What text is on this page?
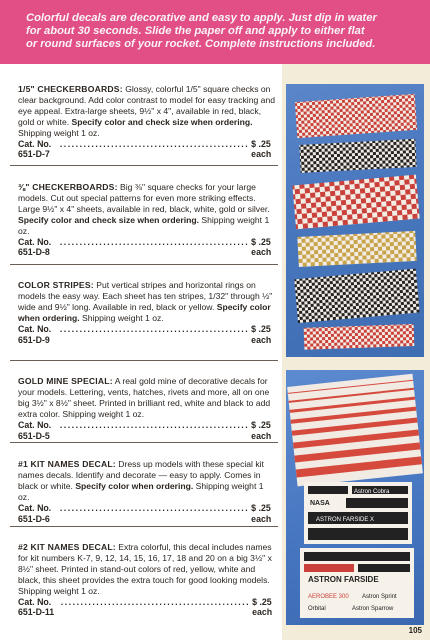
Colorful decals are decorative and easy to apply. Just dip in water
for about 30 seconds. Slide the paper off and apply to either flat
or round surfaces of your rocket. Complete instructions included.
1/5" CHECKERBOARDS: Glossy, colorful 1/5" square checks on clear background. Add color contrast to model for easy tracking and eye appeal. Extra-large sheets, 9½" x 4", available in red, black, gold or white. Specify color and check size when ordering. Shipping weight 1 oz.
Cat. No. 651-D-7
................................................ $ .25 each
⅜" CHECKERBOARDS: Big ⅜" square checks for your large models. Cut out special patterns for even more striking effects. Large 9½" x 4" sheets, available in red, black, white, gold or silver. Specify color and check size when ordering. Shipping weight 1 oz.
Cat. No. 651-D-8
................................................ $ .25 each
COLOR STRIPES: Put vertical stripes and horizontal rings on models the easy way. Each sheet has ten stripes, 1/32" through ½" wide and 9½" long. Available in red, black or yellow. Specify color when ordering. Shipping weight 1 oz.
Cat. No. 651-D-9
................................................ $ .25 each
GOLD MINE SPECIAL: A real gold mine of decorative decals for your models. Lettering, vents, hatches, rivets and more, all on one big 3½" x 8½" sheet. Printed in brilliant red, white and black to add extra color. Shipping weight 1 oz.
Cat. No. 651-D-5
................................................ $ .25 each
#1 KIT NAMES DECAL: Dress up models with these special kit names decals. Identify and decorate — easy to apply. Comes in black or white. Specify color when ordering. Shipping weight 1 oz.
Cat. No. 651-D-6
................................................ $ .25 each
#2 KIT NAMES DECAL: Extra colorful, this decal includes names for kit numbers K-7, 9, 12, 14, 15, 16, 17, 18 and 20 on a big 3½" x 8½" sheet. Printed in stand-out colors of red, yellow, white and black, this sheet provides the extra touch for good looking models. Shipping weight 1 oz.
Cat. No. 651-D-11
................................................ $ .25 each
Astron Cobra
NASA
ASTRON FARSIDE X
ASTRON FARSIDE
AEROBEE 300 Astron Sprint
Orbital	Astron Sparrow
105
